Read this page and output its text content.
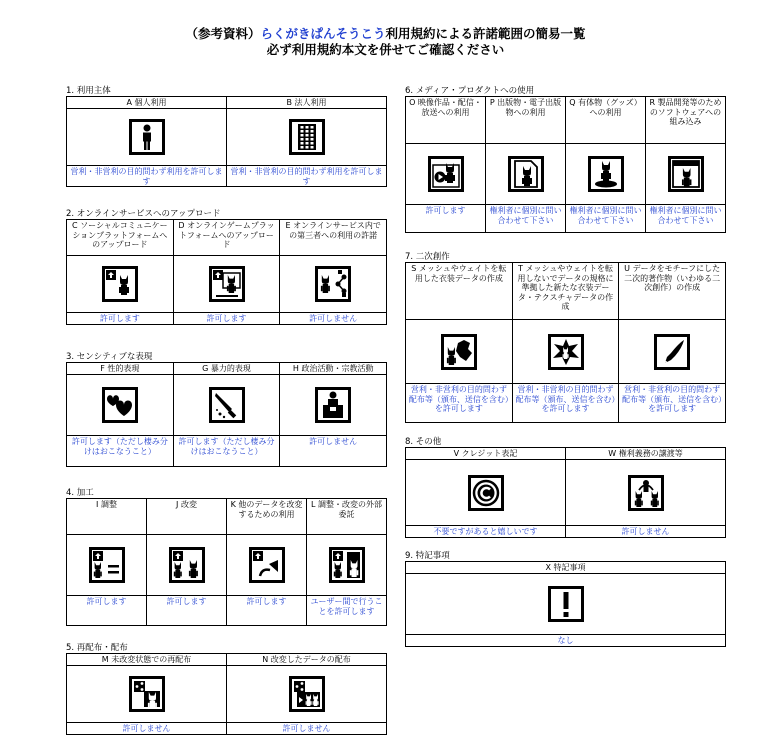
（参考資料）らくがきぱんそうこう利用規約による許諾範囲の簡易一覧
必ず利用規約本文を併せてご確認ください
1. 利用主体
A 個人利用
営利・非営利の目的問わず利用を許可します
B 法人利用
営利・非営利の目的問わず利用を許可します
2. オンラインサービスへのアップロード
C ソーシャルコミュニケーションプラットフォームへのアップロード
許可します
D オンラインゲームプラットフォームへのアップロード
許可します
E オンラインサービス内での第三者への利用の許諾
許可しません
3. センシティブな表現
F 性的表現
許可します（ただし棲み分けはおこなうこと）
G 暴力的表現
許可します（ただし棲み分けはおこなうこと）
H 政治活動・宗教活動
許可しません
4. 加工
I 調整
許可します
J 改変
許可します
K 他のデータを改変するための利用
許可します
L 調整・改変の外部委託
ユーザー間で行うことを許可します
5. 再配布・配布
M 未改変状態での再配布
許可しません
N 改変したデータの配布
許可しません
6. メディア・プロダクトへの使用
O 映像作品・配信・放送への利用
許可します
P 出版物・電子出版物への利用
権利者に個別に問い合わせて下さい
Q 有体物（グッズ）への利用
権利者に個別に問い合わせて下さい
R 製品開発等のためのソフトウェアへの組み込み
権利者に個別に問い合わせて下さい
7. 二次創作
S メッシュやウェイトを転用した衣装データの作成
営利・非営利の目的問わず配布等（頒布、送信を含む）を許可します
T メッシュやウェイトを転用しないでデータの規格に準拠した新たな衣装データ・テクスチャデータの作成
営利・非営利の目的問わず配布等（頒布、送信を含む）を許可します
U データをモチーフにした二次的著作物（いわゆる二次創作）の作成
営利・非営利の目的問わず配布等（頒布、送信を含む）を許可します
8. その他
V クレジット表記
不要ですがあると嬉しいです
W 権利義務の譲渡等
許可しません
9. 特記事項
X 特記事項
なし
